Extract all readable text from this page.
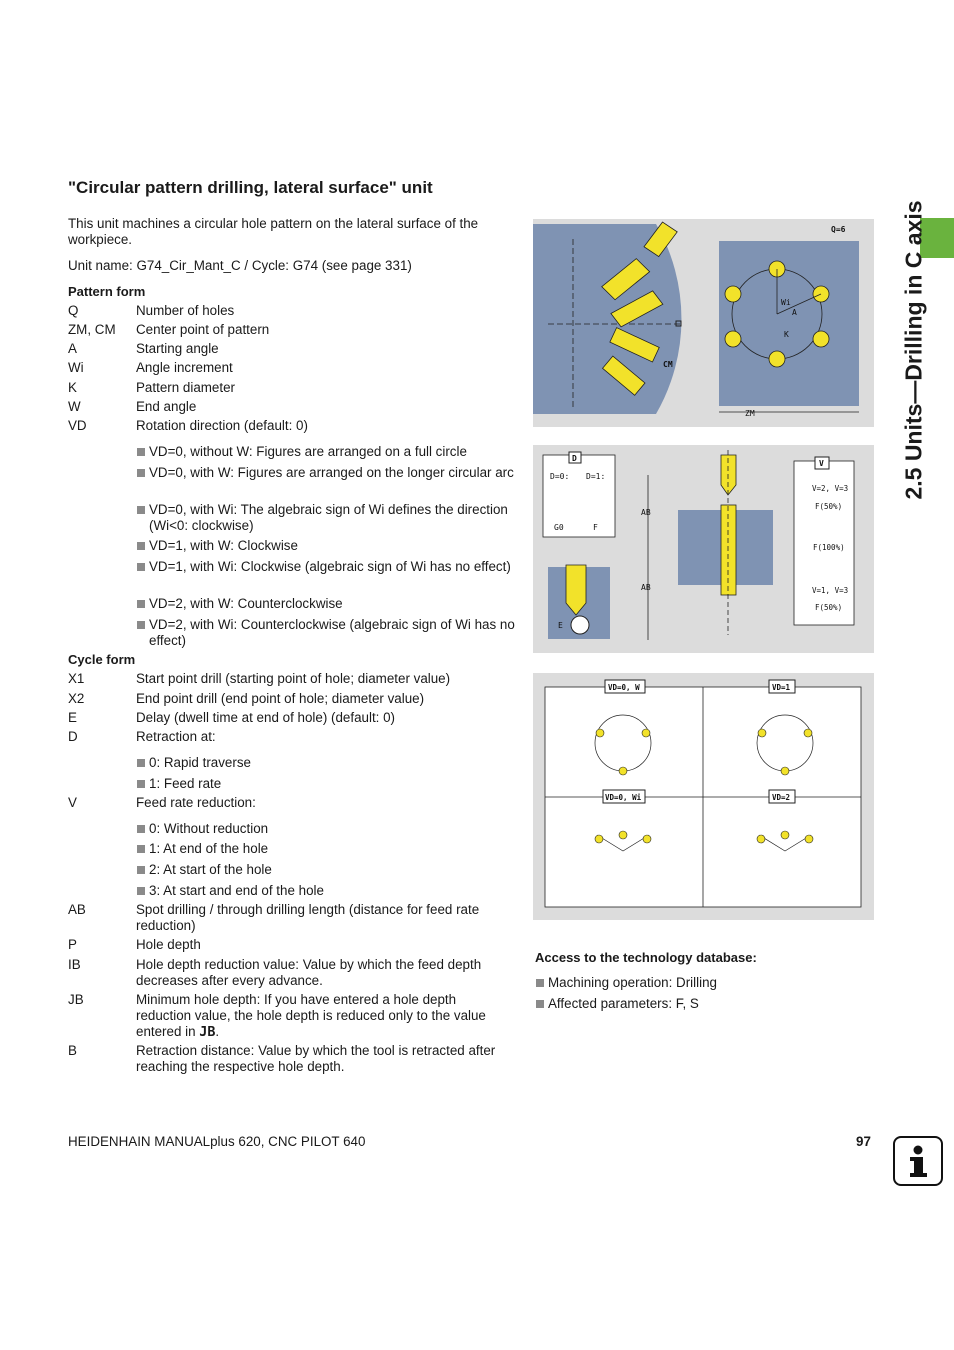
"Circular pattern drilling, lateral surface" unit
This unit machines a circular hole pattern on the lateral surface of the workpiece.
Unit name: G74_Cir_Mant_C / Cycle: G74 (see page 331)
Pattern form
Cycle form
CM
Q=6
Wi
A
K
ZM
D
D=0: D=1:
G0	F
E
AB
AB
V
V=2, V=3
F(50%)
F(100%)
V=1, V=3
F(50%)
VD=0, W	VD=1
VD=0, Wi	VD=2
Access to the technology database:
Machining operation: Drilling
Affected parameters: F, S
2.5 Units—Drilling in C axis
HEIDENHAIN MANUALplus 620, CNC PILOT 640	97
Q	Number of holes
ZM, CM	Center point of pattern
A	Starting angle
Wi	Angle increment
K	Pattern diameter
W	End angle
VD	Rotation direction (default: 0)
VD=0, without W: Figures are arranged on a full circle
VD=0, with W: Figures are arranged on the longer circular arc
VD=0, with Wi: The algebraic sign of Wi defines the direction (Wi<0: clockwise)
VD=1, with W: Clockwise
VD=1, with Wi: Clockwise (algebraic sign of Wi has no effect)
VD=2, with W: Counterclockwise
VD=2, with Wi: Counterclockwise (algebraic sign of Wi has no effect)
X1	Start point drill (starting point of hole; diameter value)
X2	End point drill (end point of hole; diameter value)
E	Delay (dwell time at end of hole) (default: 0)
D	Retraction at:
0: Rapid traverse
1: Feed rate
V	Feed rate reduction:
0: Without reduction
1: At end of the hole
2: At start of the hole
3: At start and end of the hole
AB	Spot drilling / through drilling length (distance for feed rate reduction)
P	Hole depth
IB	Hole depth reduction value: Value by which the feed depth decreases after every advance.
JB	Minimum hole depth: If you have entered a hole depth reduction value, the hole depth is reduced only to the value entered in JB.
B	Retraction distance: Value by which the tool is retracted after reaching the respective hole depth.
